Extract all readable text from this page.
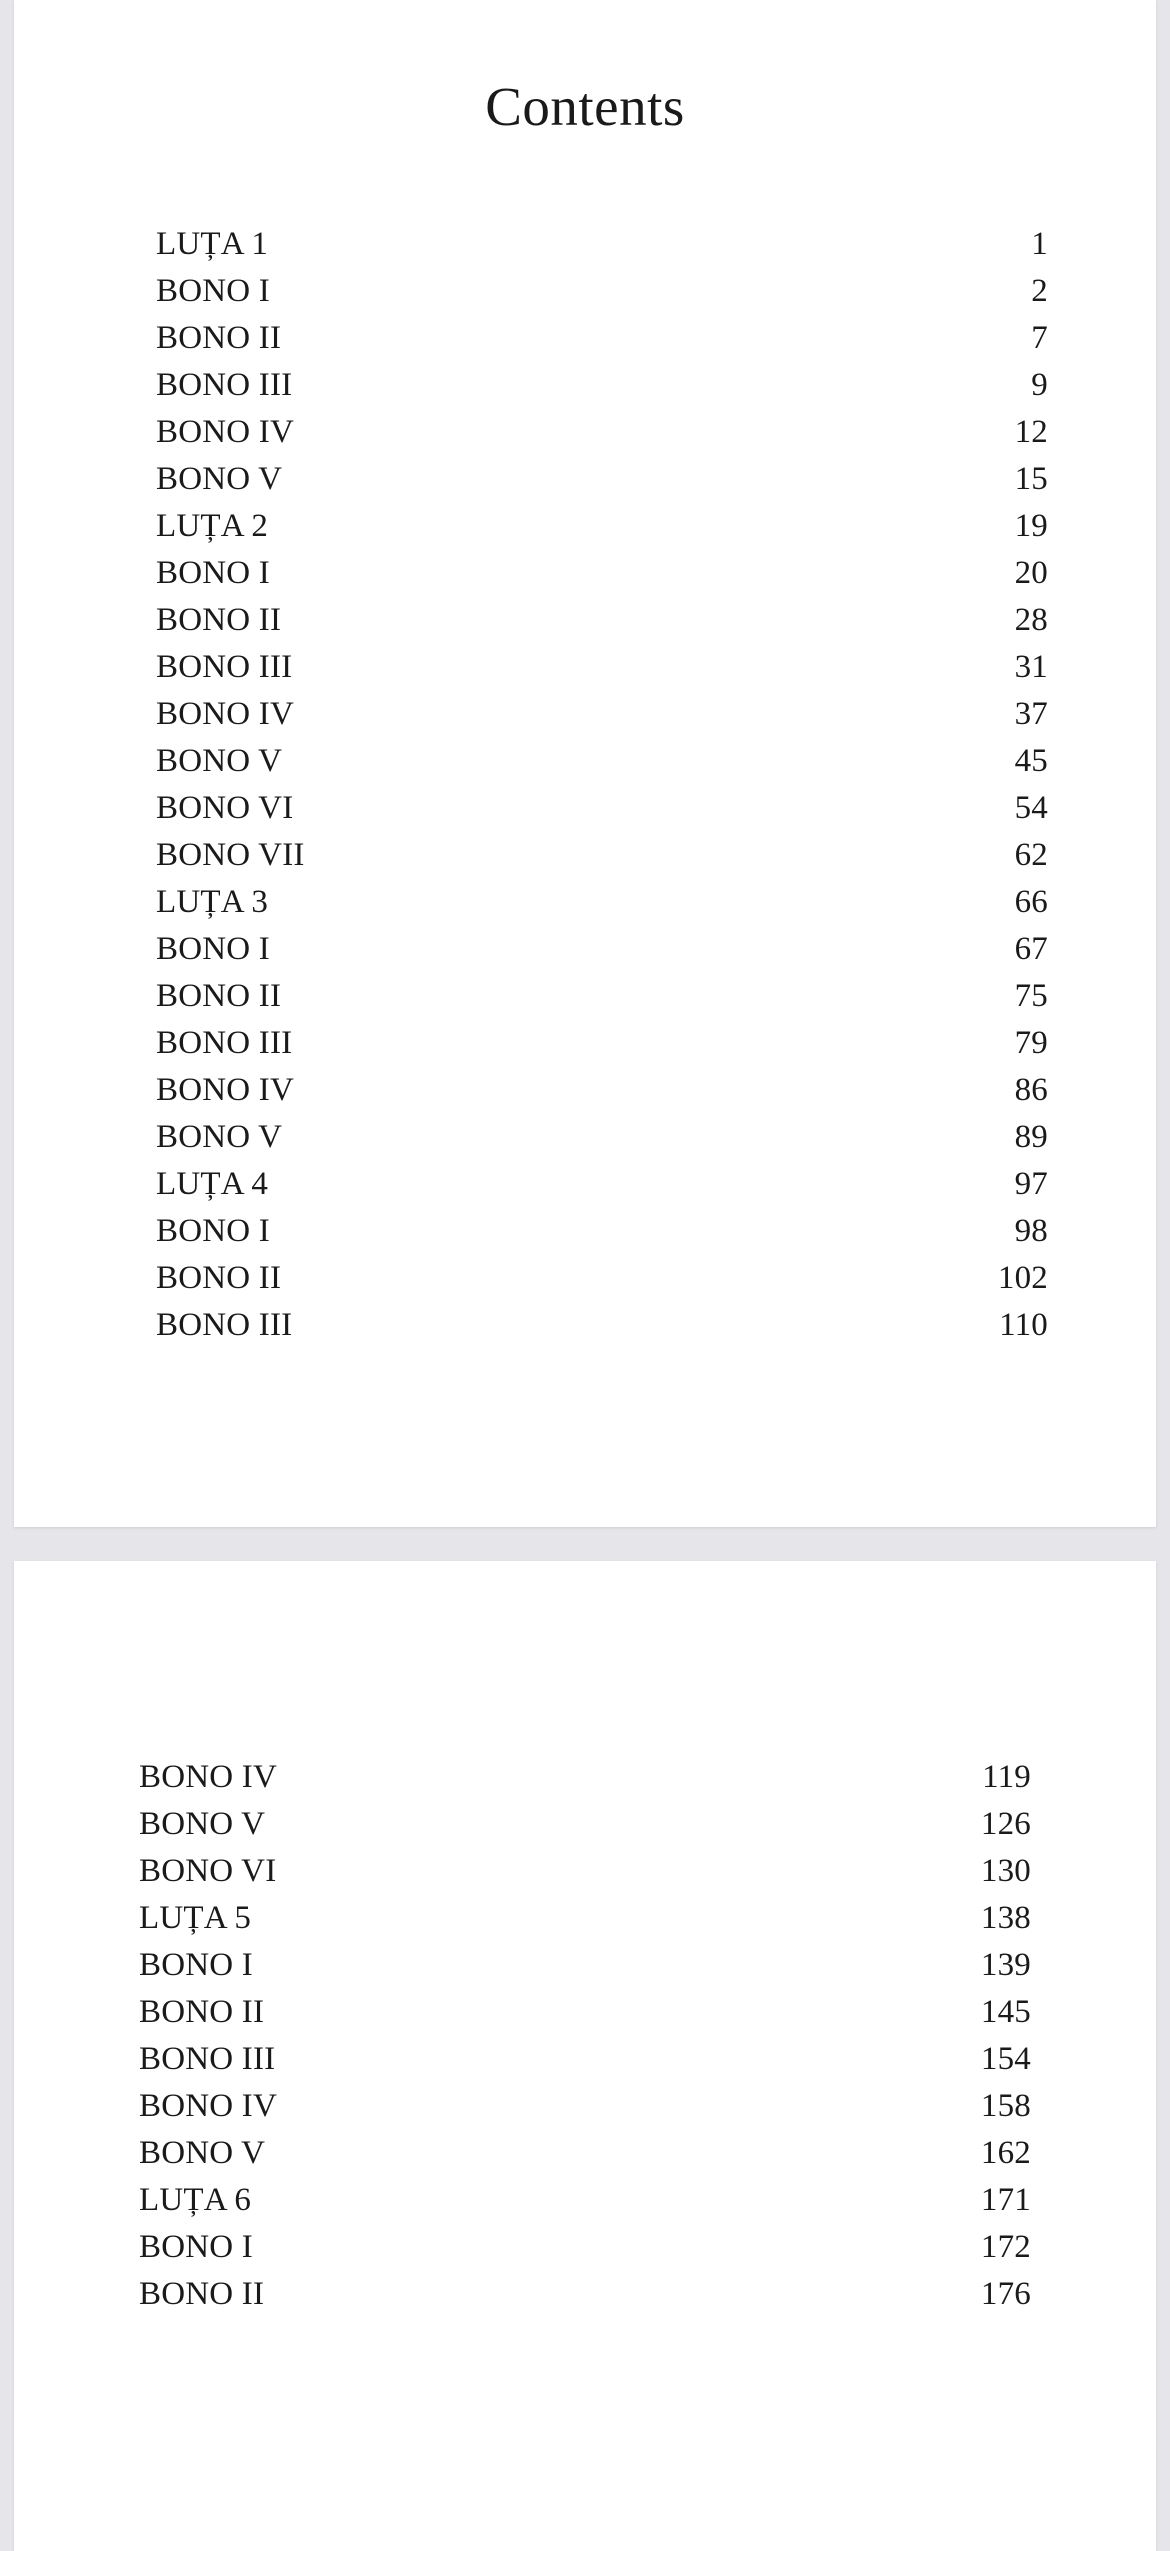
Contents
LUȚA 1	1
BONO I	2
BONO II	7
BONO III	9
BONO IV	12
BONO V	15
LUȚA 2	19
BONO I	20
BONO II	28
BONO III	31
BONO IV	37
BONO V	45
BONO VI	54
BONO VII	62
LUȚA 3	66
BONO I	67
BONO II	75
BONO III	79
BONO IV	86
BONO V	89
LUȚA 4	97
BONO I	98
BONO II	102
BONO III	110
BONO IV	119
BONO V	126
BONO VI	130
LUȚA 5	138
BONO I	139
BONO II	145
BONO III	154
BONO IV	158
BONO V	162
LUȚA 6	171
BONO I	172
BONO II	176
